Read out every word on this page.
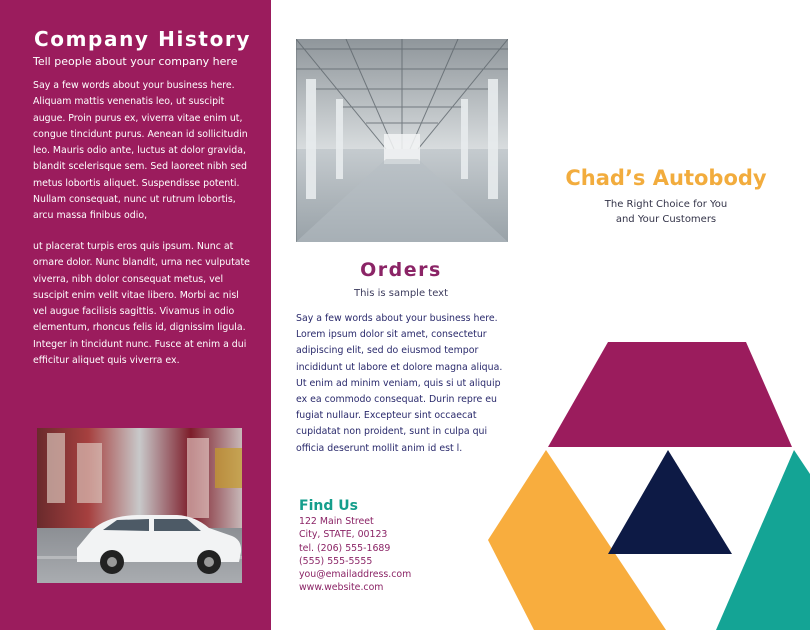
Company History
Tell people about your company here

Say a few words about your business here. Aliquam mattis venenatis leo, ut suscipit augue. Proin purus ex, viverra vitae enim ut, congue tincidunt purus. Aenean id sollicitudin leo. Mauris odio ante, luctus at dolor gravida, blandit scelerisque sem. Sed laoreet nibh sed metus lobortis aliquet. Suspendisse potenti. Nullam consequat, nunc ut rutrum lobortis, arcu massa finibus odio,

ut placerat turpis eros quis ipsum. Nunc at ornare dolor. Nunc blandit, urna nec vulputate viverra, nibh dolor consequat metus, vel suscipit enim velit vitae libero. Morbi ac nisl vel augue facilisis sagittis. Vivamus in odio elementum, rhoncus felis id, dignissim ligula. Integer in tincidunt nunc. Fusce at enim a dui efficitur aliquet quis viverra ex.

Orders
This is sample text

Say a few words about your business here. Lorem ipsum dolor sit amet, consectetur adipiscing elit, sed do eiusmod tempor incididunt ut labore et dolore magna aliqua. Ut enim ad minim veniam, quis si ut aliquip ex ea commodo consequat. Durin repre eu fugiat nullaur. Excepteur sint occaecat cupidatat non proident, sunt in culpa qui officia deserunt mollit anim id est l.

Find Us
122 Main Street
City, STATE, 00123
tel. (206) 555-1689
(555) 555-5555
you@emailaddress.com
www.website.com
Chad’s Autobody
The Right Choice for You
and Your Customers
